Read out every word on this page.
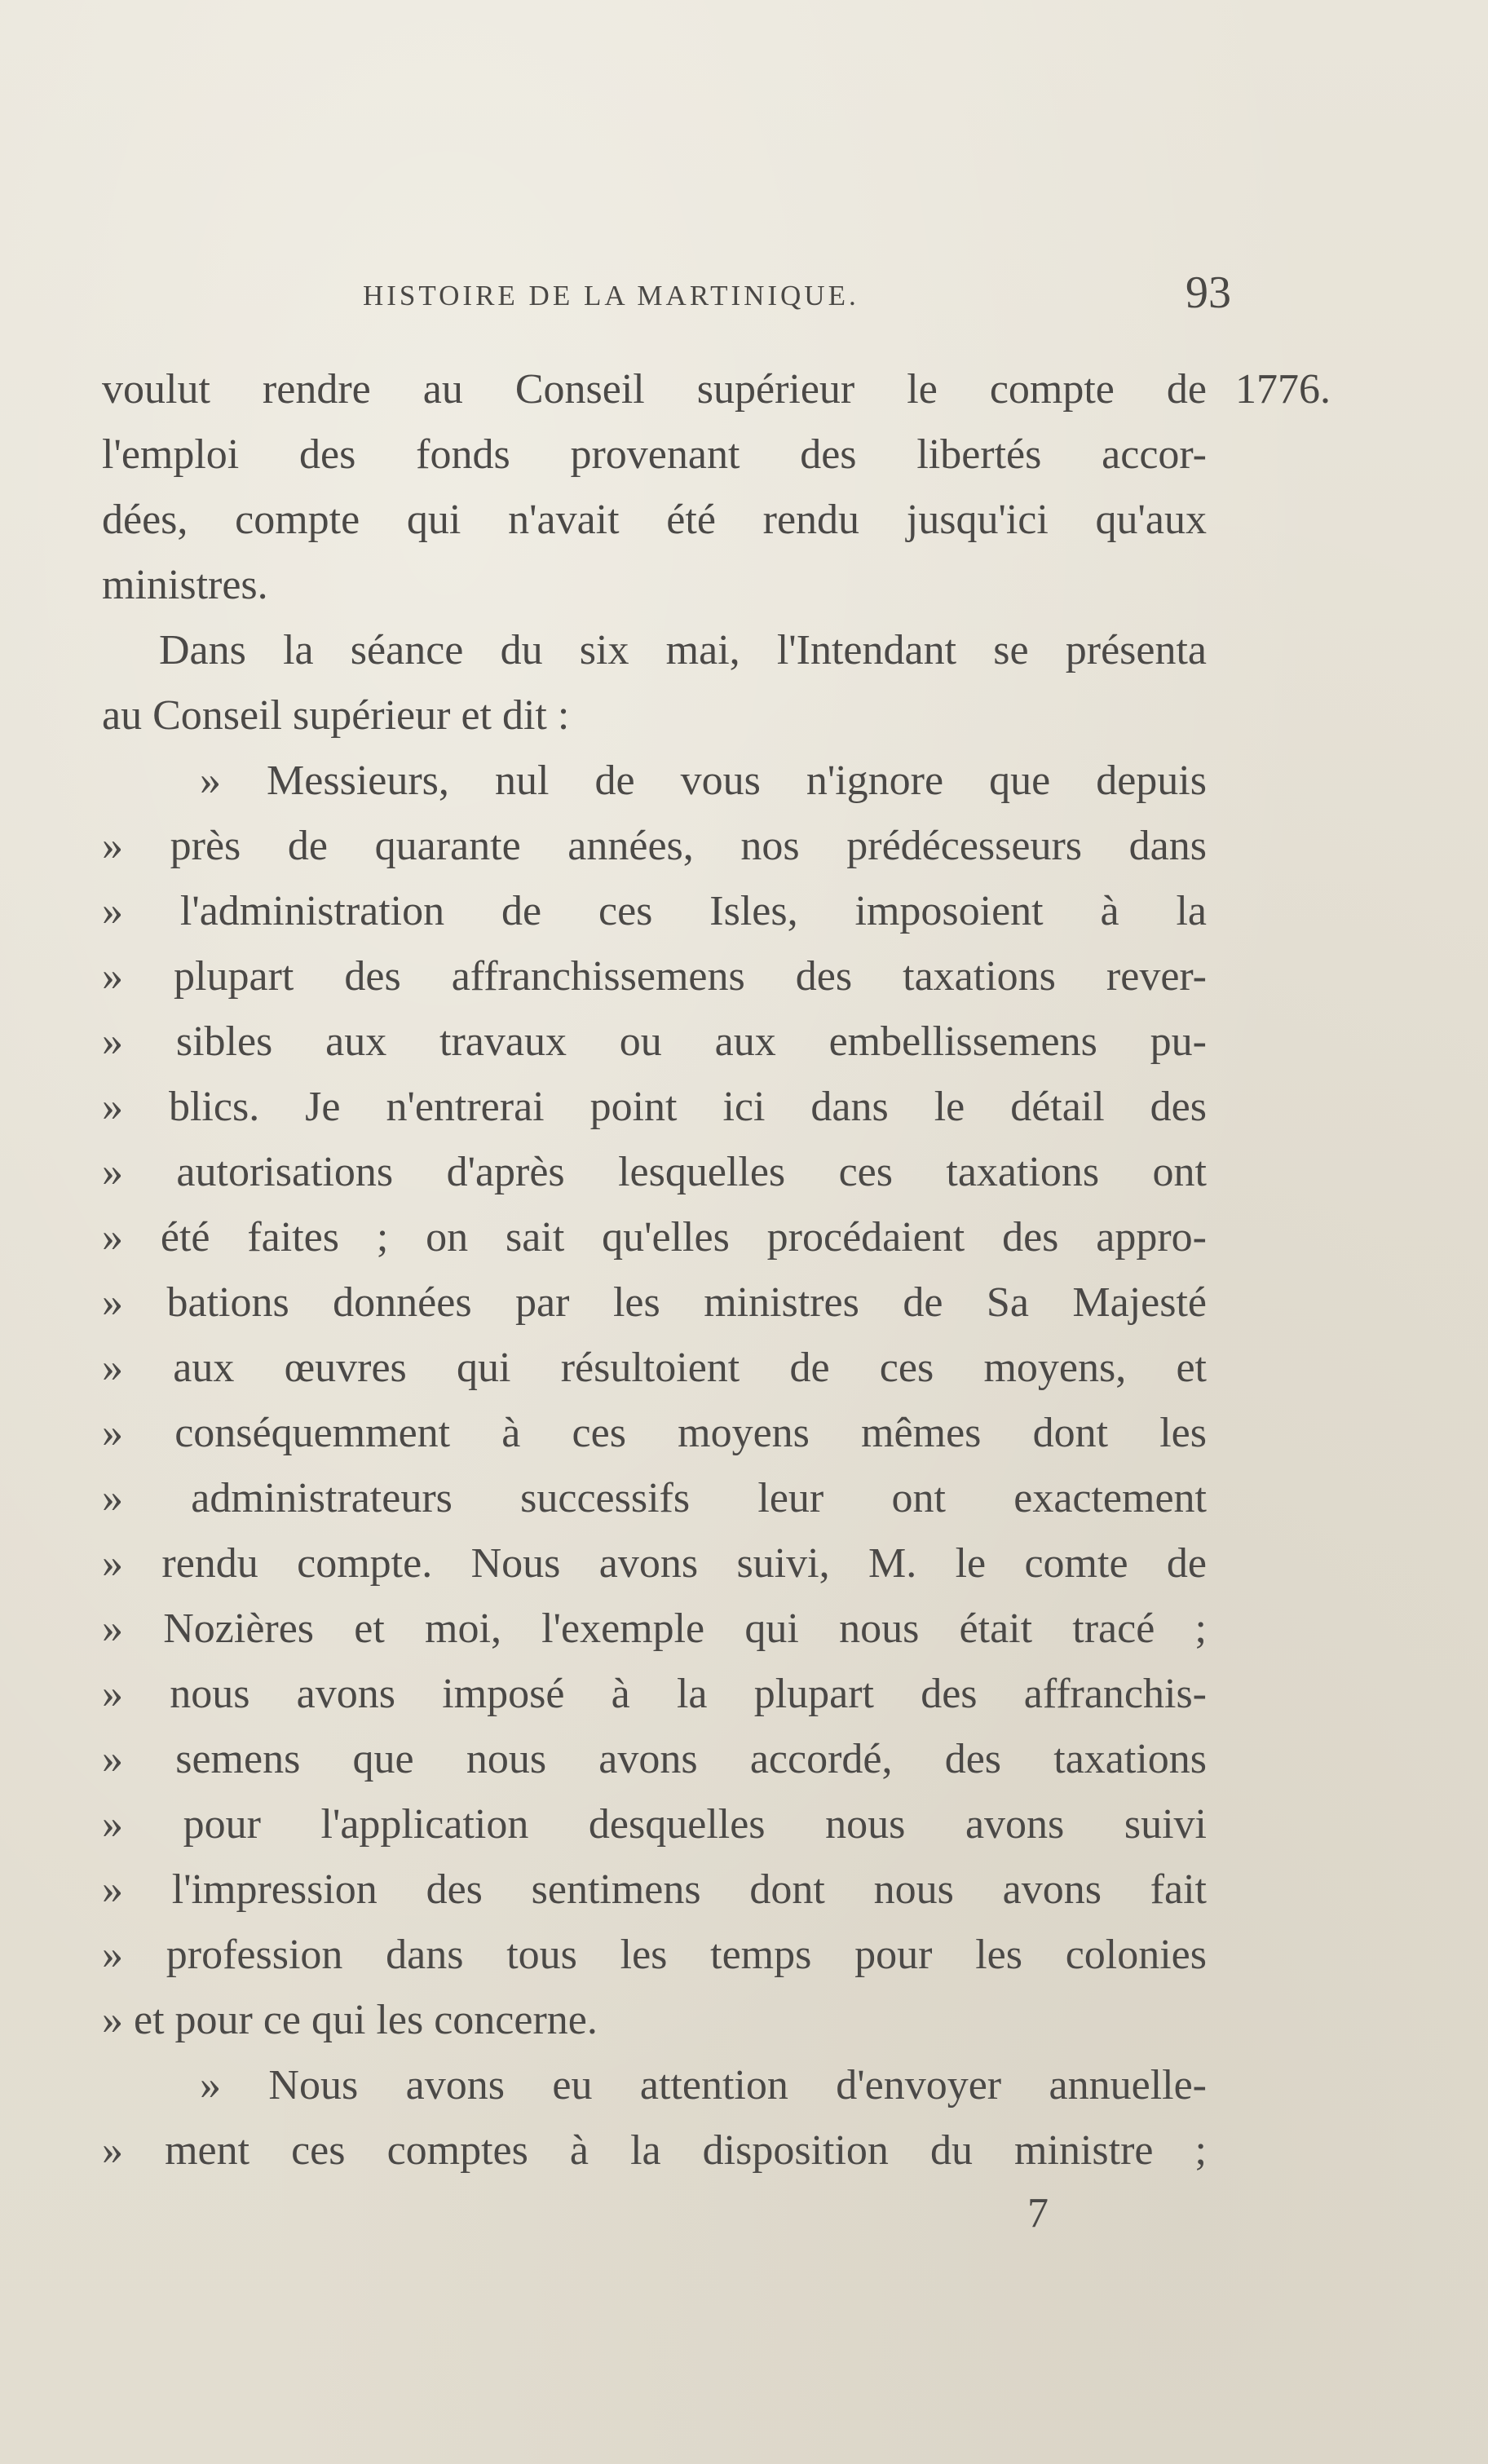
HISTOIRE DE LA MARTINIQUE.	93
1776.
voulut rendre au Conseil supérieur le compte de
l'emploi des fonds provenant des libertés accor-
dées, compte qui n'avait été rendu jusqu'ici qu'aux
ministres.
Dans la séance du six mai, l'Intendant se présenta
au Conseil supérieur et dit :
» Messieurs, nul de vous n'ignore que depuis
» près de quarante années, nos prédécesseurs dans
» l'administration de ces Isles, imposoient à la
» plupart des affranchissemens des taxations rever-
» sibles aux travaux ou aux embellissemens pu-
» blics. Je n'entrerai point ici dans le détail des
» autorisations d'après lesquelles ces taxations ont
» été faites ; on sait qu'elles procédaient des appro-
» bations données par les ministres de Sa Majesté
» aux œuvres qui résultoient de ces moyens, et
» conséquemment à ces moyens mêmes dont les
» administrateurs successifs leur ont exactement
» rendu compte. Nous avons suivi, M. le comte de
» Nozières et moi, l'exemple qui nous était tracé ;
» nous avons imposé à la plupart des affranchis-
» semens que nous avons accordé, des taxations
» pour l'application desquelles nous avons suivi
» l'impression des sentimens dont nous avons fait
» profession dans tous les temps pour les colonies
» et pour ce qui les concerne.
» Nous avons eu attention d'envoyer annuelle-
» ment ces comptes à la disposition du ministre ;
7
